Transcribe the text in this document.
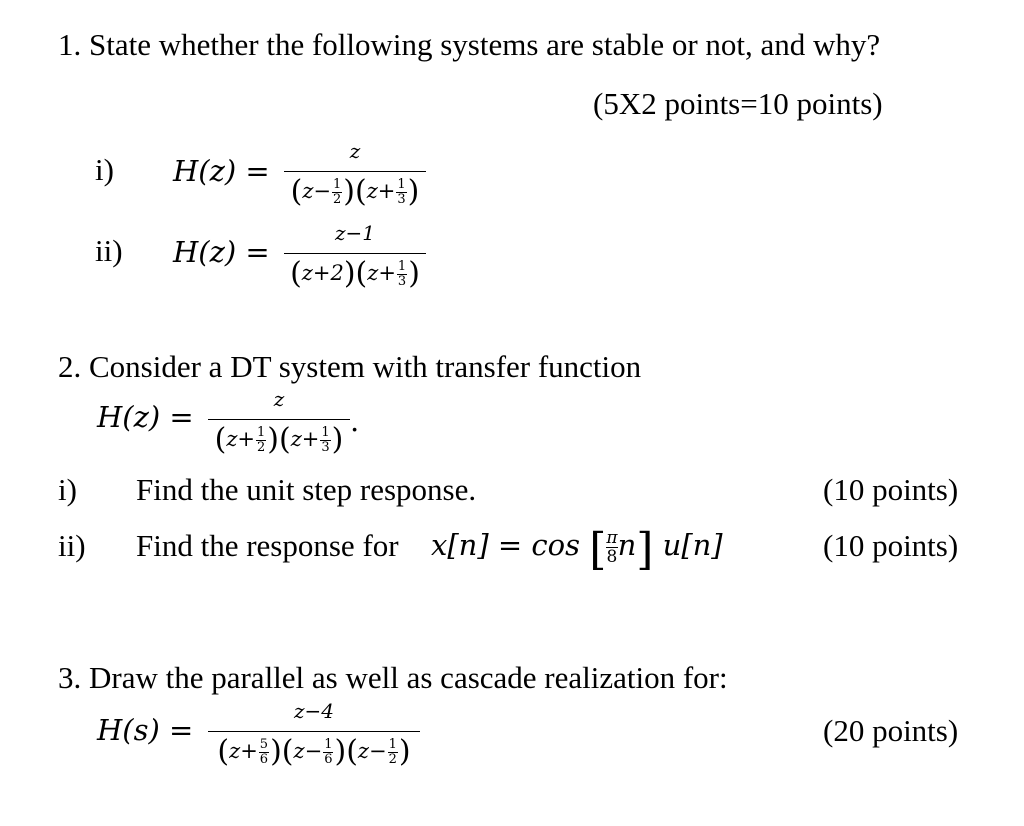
1. State whether the following systems are stable or not, and why?
(5X2 points=10 points)
i) H(z) =
z
$(z- \frac{1}{2} )(z+ \frac{1}{3}$ )
ii) H(z) =
z−1
$(z+2)(z+ \frac{1}{3}$ )
2. Consider a DT system with transfer function
H(z) =
z
$(z+ \frac{1}{2} )(z+ \frac{1}{3}$ )
.
i) Find the unit step response.	(10 points)
ii) Find the response for x[n] = cos [ $\frac{\pi}{8} n$] u[n]	(10 points)
3. Draw the parallel as well as cascade realization for:
H(s) =
z−4
$(z+ \frac{5}{6} )(z- \frac{1}{6} )(z- \frac{1}{2}$ )
(20 points)
